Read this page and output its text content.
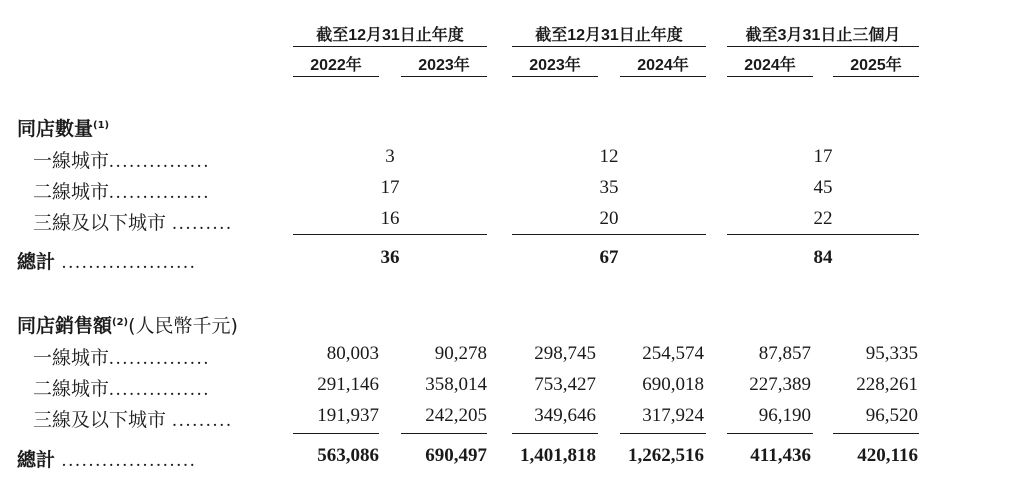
截至12月31日止年度	截至12月31日止年度	截至3月31日止三個月
2022年	2023年	2023年	2024年	2024年	2025年
同店數量$^{(1)}$
一線城市...............	3	12	17
二線城市...............	17	35	45
三線及以下城市 .........	16	20	22
總計 ....................	36	67	84
同店銷售額$^{(2)}$(人民幣千元)
一線城市...............	80,003	90,278	298,745	254,574	87,857	95,335
二線城市...............	291,146	358,014	753,427	690,018	227,389	228,261
三線及以下城市 .........	191,937	242,205	349,646	317,924	96,190	96,520
總計 ....................	563,086	690,497	1,401,818	1,262,516	411,436	420,116
